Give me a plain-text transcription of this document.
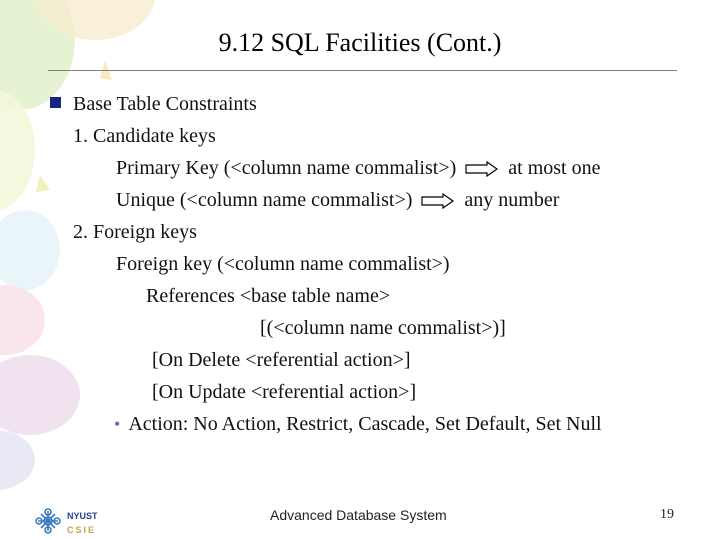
9.12 SQL Facilities (Cont.)
Base Table Constraints
1. Candidate keys
Primary Key (<column name commalist>)	at most one
Unique (<column name commalist>)	any number
2. Foreign keys
Foreign key (<column name commalist>)
References <base table name>
[(<column name commalist>)]
[On Delete <referential action>]
[On Update <referential action>]
• Action: No Action, Restrict, Cascade, Set Default, Set Null
NYUST
CSIE
Advanced Database System	19
